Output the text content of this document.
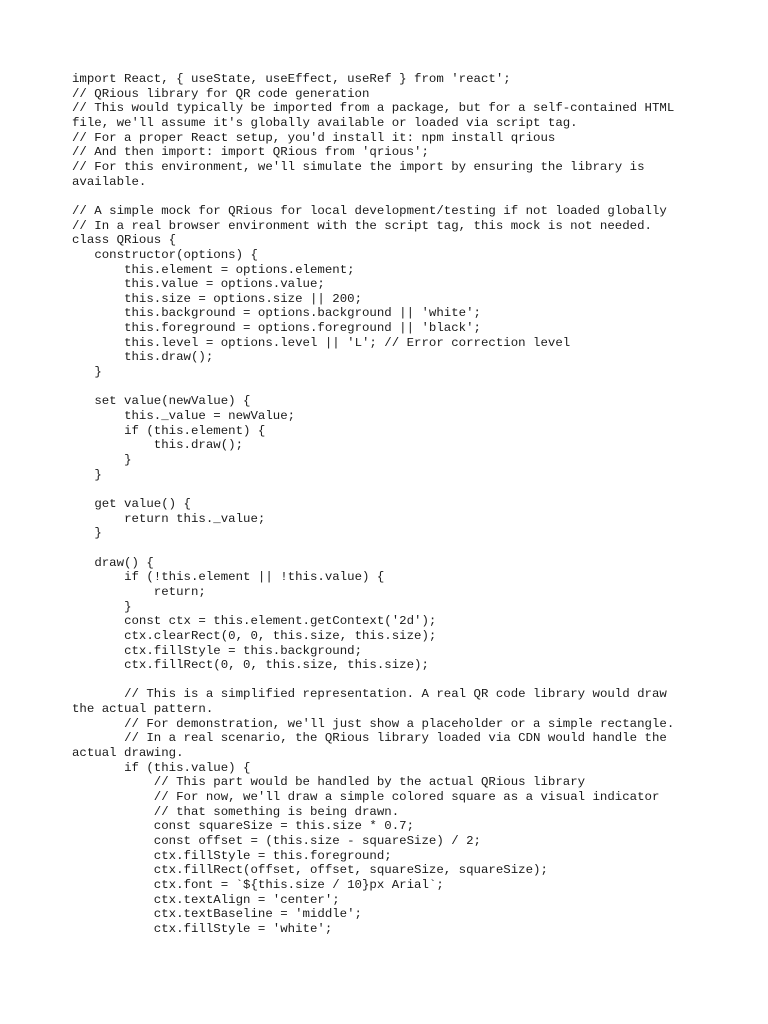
import React, { useState, useEffect, useRef } from 'react';
// QRious library for QR code generation
// This would typically be imported from a package, but for a self-contained HTML file, we'll assume it's globally available or loaded via script tag.
// For a proper React setup, you'd install it: npm install qrious
// And then import: import QRious from 'qrious';
// For this environment, we'll simulate the import by ensuring the library is available.
// A simple mock for QRious for local development/testing if not loaded globally
// In a real browser environment with the script tag, this mock is not needed.
class QRious {
constructor(options) {
this.element = options.element;
this.value = options.value;
this.size = options.size || 200;
this.background = options.background || 'white';
this.foreground = options.foreground || 'black';
this.level = options.level || 'L'; // Error correction level
this.draw();
}
set value(newValue) {
this._value = newValue;
if (this.element) {
this.draw();
}
}
get value() {
return this._value;
}
draw() {
if (!this.element || !this.value) {
return;
}
const ctx = this.element.getContext('2d');
ctx.clearRect(0, 0, this.size, this.size);
ctx.fillStyle = this.background;
ctx.fillRect(0, 0, this.size, this.size);
// This is a simplified representation. A real QR code library would draw the actual pattern.
// For demonstration, we'll just show a placeholder or a simple rectangle.
// In a real scenario, the QRious library loaded via CDN would handle the actual drawing.
if (this.value) {
// This part would be handled by the actual QRious library
// For now, we'll draw a simple colored square as a visual indicator
// that something is being drawn.
const squareSize = this.size * 0.7;
const offset = (this.size - squareSize) / 2;
ctx.fillStyle = this.foreground;
ctx.fillRect(offset, offset, squareSize, squareSize);
ctx.font = `${this.size / 10}px Arial`;
ctx.textAlign = 'center';
ctx.textBaseline = 'middle';
ctx.fillStyle = 'white';
